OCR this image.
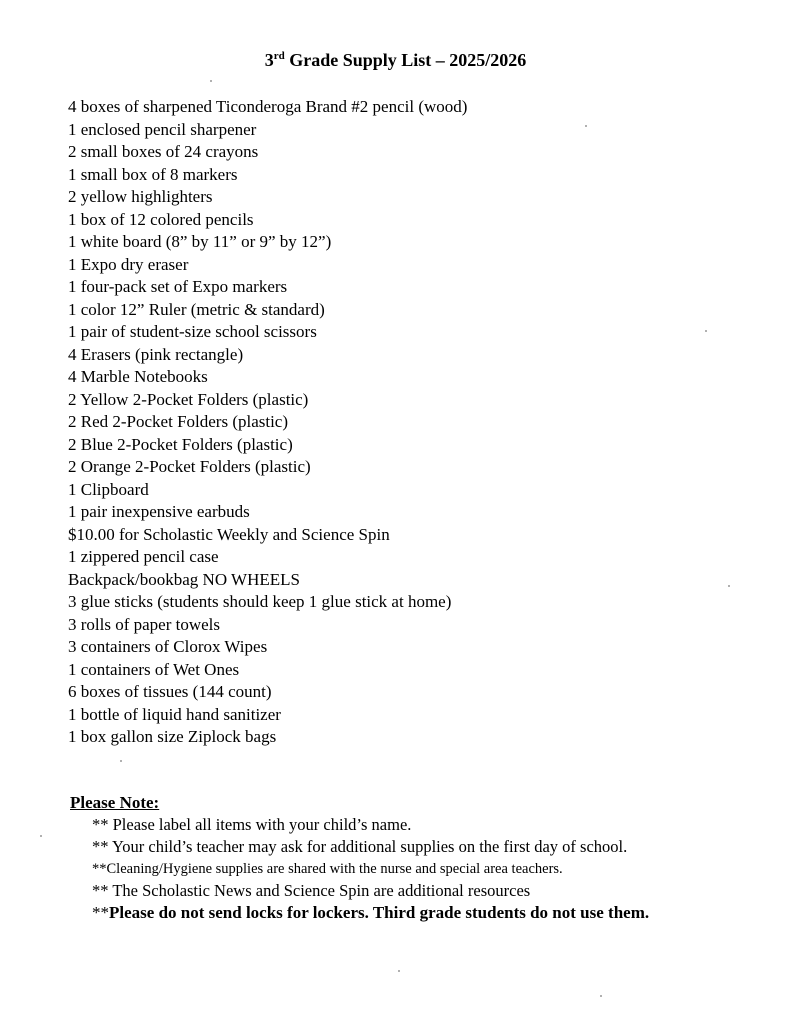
3rd Grade Supply List – 2025/2026
4 boxes of sharpened Ticonderoga Brand #2 pencil (wood)
1 enclosed pencil sharpener
2 small boxes of 24 crayons
1 small box of 8 markers
2 yellow highlighters
1 box of 12 colored pencils
1 white board (8” by 11” or 9” by 12”)
1 Expo dry eraser
1 four-pack set of Expo markers
1 color 12” Ruler (metric & standard)
1 pair of student-size school scissors
4 Erasers (pink rectangle)
4 Marble Notebooks
2 Yellow 2-Pocket Folders (plastic)
2 Red 2-Pocket Folders (plastic)
2 Blue 2-Pocket Folders (plastic)
2 Orange 2-Pocket Folders (plastic)
1 Clipboard
1 pair inexpensive earbuds
$10.00 for Scholastic Weekly and Science Spin
1 zippered pencil case
Backpack/bookbag NO WHEELS
3 glue sticks (students should keep 1 glue stick at home)
3 rolls of paper towels
3 containers of Clorox Wipes
1 containers of Wet Ones
6 boxes of tissues (144 count)
1 bottle of liquid hand sanitizer
1 box gallon size Ziplock bags
Please Note:
** Please label all items with your child’s name.
** Your child’s teacher may ask for additional supplies on the first day of school.
**Cleaning/Hygiene supplies are shared with the nurse and special area teachers.
** The Scholastic News and Science Spin are additional resources
**Please do not send locks for lockers. Third grade students do not use them.
